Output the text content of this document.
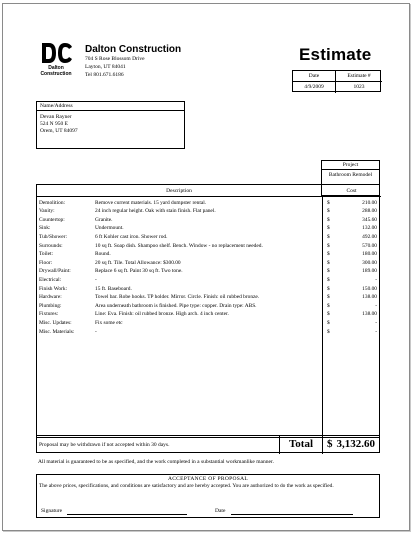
Dalton
Construction
Dalton Construction
704 S Rose Blossom Drive
Layton, UT 84041
Tel 801.671.6186
Estimate
Date	Estimate #
4/9/2009	1023
Name/Address
Devan Rayner
524 N 950 E
Orem, UT 84097
Project
Bathroom Remodel
Description	Cost
Demolition:	Remove current materials. 15 yard dumpster rental.	$	210.00
Vanity:	24 inch regular height. Oak with stain finish. Flat panel.	$	288.00
Countertop:	Granite.	$	345.60
Sink:	Undermount.	$	132.00
Tub/Shower:	6 ft Kohler cast iron. Shower rod.	$	492.00
Surrounds:	10 sq ft. Soap dish. Shampoo shelf. Bench. Window - no replacement needed.	$	570.00
Toilet:	Round.	$	180.00
Floor:	20 sq ft. Tile. Total Allowance: $300.00	$	300.00
Drywall/Paint:	Replace 6 sq ft. Paint 30 sq ft. Two tone.	$	189.00
Electrical:	-	$	-
Finish Work:	15 ft. Baseboard.	$	150.00
Hardware:	Towel bar. Robe hooks. TP holder. Mirror. Circle. Finish: oil rubbed bronze.	$	138.00
Plumbing:	Area underneath bathroom is finished. Pipe type: copper. Drain type: ABS.	$	-
Fixtures:	Line: Eva. Finish: oil rubbed bronze. High arch. 4 inch center.	$	138.00
Misc. Updates:	Fix some etc	$	-
Misc. Materials:	-	$	-
Proposal may be withdrawn if not accepted within 30 days.	Total	$ 3,132.60
All material is guaranteed to be as specified, and the work completed in a substantial workmanlike manner.
ACCEPTANCE OF PROPOSAL
The above prices, specifications, and conditions are satisfactory and are hereby accepted. You are authorized to do the work as specified.
Signature	Date
